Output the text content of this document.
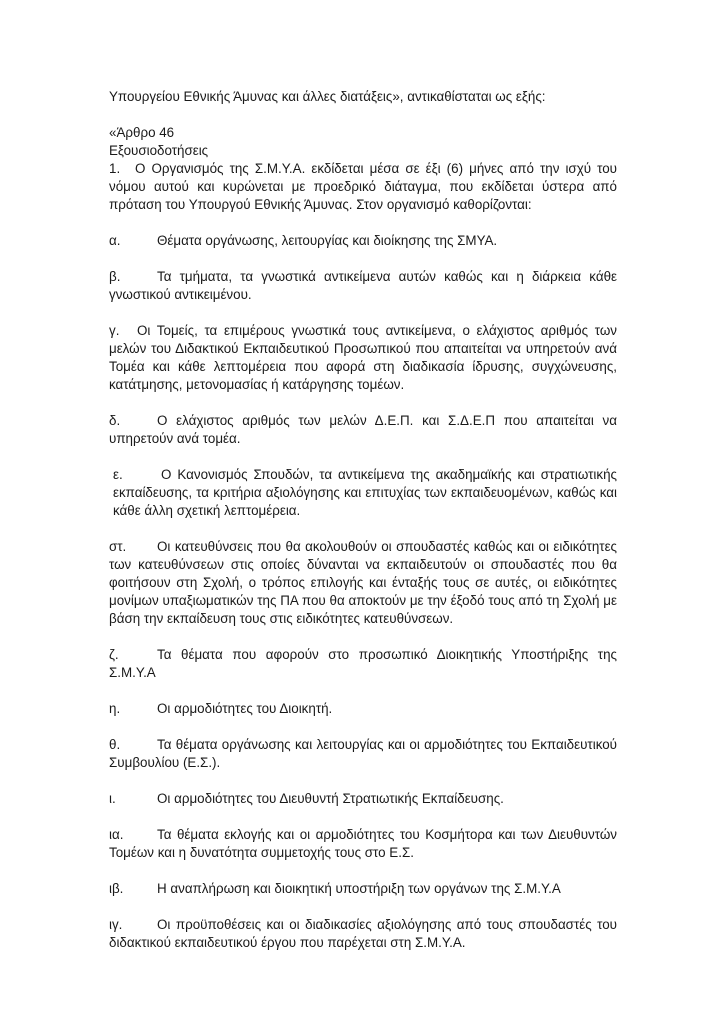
Υπουργείου Εθνικής Άμυνας και άλλες διατάξεις», αντικαθίσταται ως εξής:

«Άρθρο 46

Εξουσιοδοτήσεις

1. Ο Οργανισμός της Σ.Μ.Υ.Α. εκδίδεται μέσα σε έξι (6) μήνες από την ισχύ του νόμου αυτού και κυρώνεται με προεδρικό διάταγμα, που εκδίδεται ύστερα από πρόταση του Υπουργού Εθνικής Άμυνας. Στον οργανισμό καθορίζονται:

α.	Θέματα οργάνωσης, λειτουργίας και διοίκησης της ΣΜΥΑ.

β.	Τα τμήματα, τα γνωστικά αντικείμενα αυτών καθώς και η διάρκεια κάθε γνωστικού αντικειμένου.

γ. Οι Τομείς, τα επιμέρους γνωστικά τους αντικείμενα, ο ελάχιστος αριθμός των μελών του Διδακτικού Εκπαιδευτικού Προσωπικού που απαιτείται να υπηρετούν ανά Τομέα και κάθε λεπτομέρεια που αφορά στη διαδικασία ίδρυσης, συγχώνευσης, κατάτμησης, μετονομασίας ή κατάργησης τομέων.

δ.	Ο ελάχιστος αριθμός των μελών Δ.Ε.Π. και Σ.Δ.Ε.Π που απαιτείται να υπηρετούν ανά τομέα.

ε.	Ο Κανονισμός Σπουδών, τα αντικείμενα της ακαδημαϊκής και στρατιωτικής εκπαίδευσης, τα κριτήρια αξιολόγησης και επιτυχίας των εκπαιδευομένων, καθώς και κάθε άλλη σχετική λεπτομέρεια.

στ. Οι κατευθύνσεις που θα ακολουθούν οι σπουδαστές καθώς και οι ειδικότητες των κατευθύνσεων στις οποίες δύνανται να εκπαιδευτούν οι σπουδαστές που θα φοιτήσουν στη Σχολή, ο τρόπος επιλογής και ένταξής τους σε αυτές, οι ειδικότητες μονίμων υπαξιωματικών της ΠΑ που θα αποκτούν με την έξοδό τους από τη Σχολή με βάση την εκπαίδευση τους στις ειδικότητες κατευθύνσεων.

ζ.	Τα θέματα που αφορούν στο προσωπικό Διοικητικής Υποστήριξης της Σ.Μ.Υ.Α

η.	Οι αρμοδιότητες του Διοικητή.

θ.	Τα θέματα οργάνωσης και λειτουργίας και οι αρμοδιότητες του Εκπαιδευτικού Συμβουλίου (Ε.Σ.).

ι.	Οι αρμοδιότητες του Διευθυντή Στρατιωτικής Εκπαίδευσης.

ια.	Τα θέματα εκλογής και οι αρμοδιότητες του Κοσμήτορα και των Διευθυντών Τομέων και η δυνατότητα συμμετοχής τους στο Ε.Σ.

ιβ.	Η αναπλήρωση και διοικητική υποστήριξη των οργάνων της Σ.Μ.Υ.Α

ιγ.	Οι προϋποθέσεις και οι διαδικασίες αξιολόγησης από τους σπουδαστές του διδακτικού εκπαιδευτικού έργου που παρέχεται στη Σ.Μ.Υ.Α.
